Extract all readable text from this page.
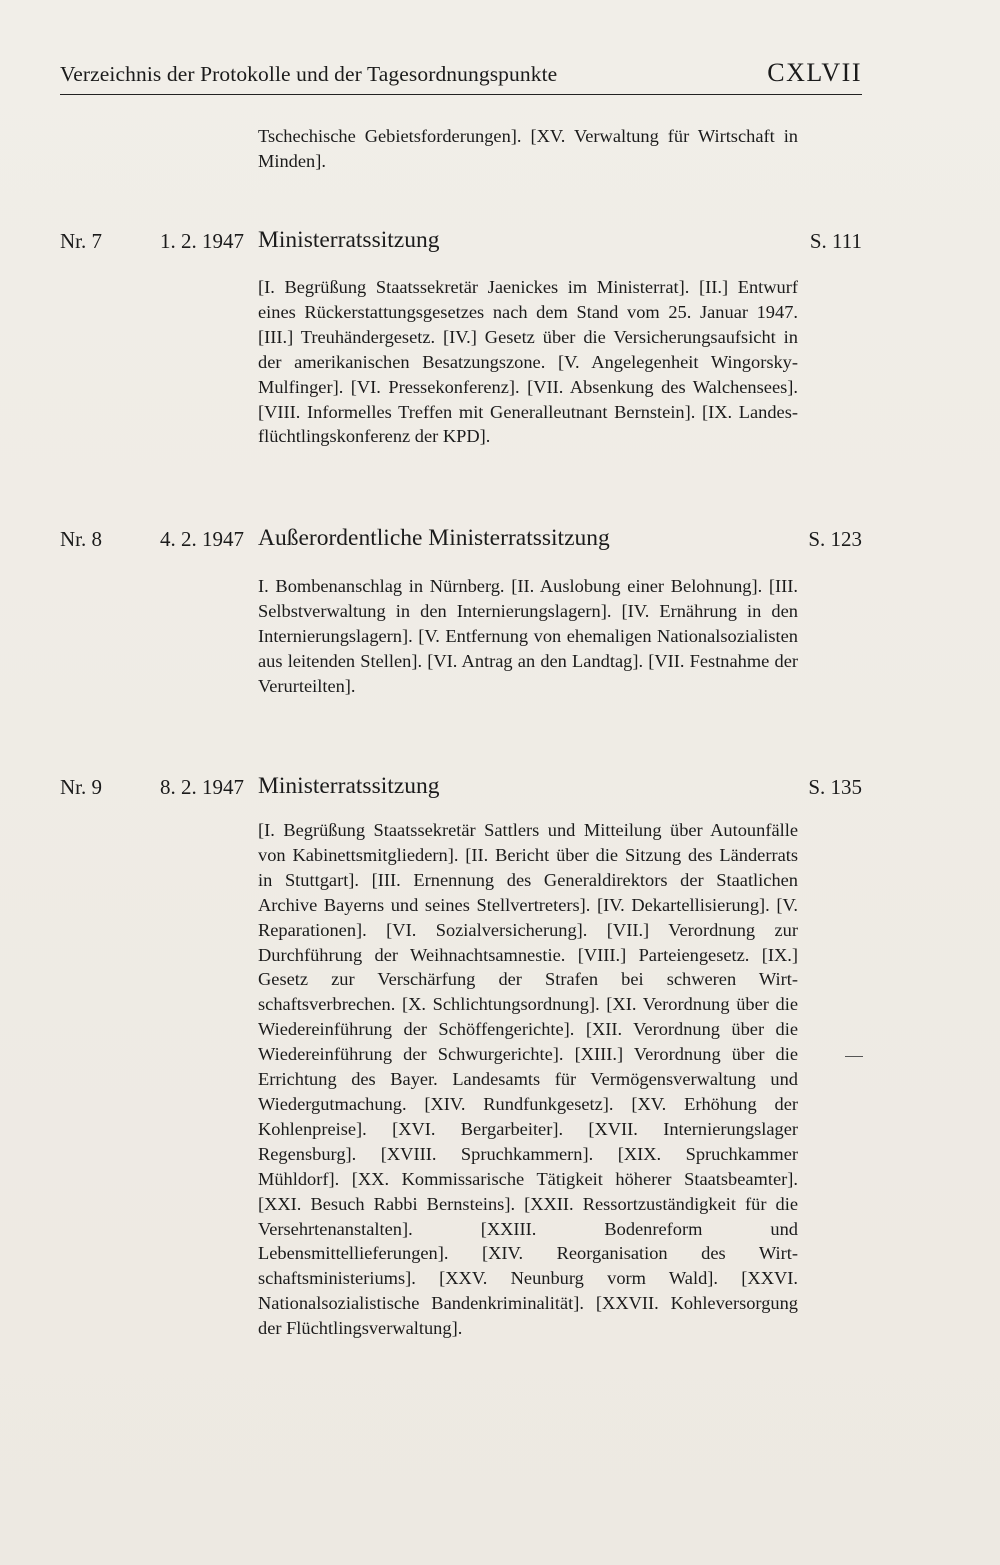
Verzeichnis der Protokolle und der Tagesordnungspunkte	CXLVII
Tschechische Gebietsforderungen]. [XV. Verwaltung für Wirtschaft in Minden].
Nr. 7	1. 2. 1947 Ministerratssitzung	S. 111
[I. Begrüßung Staatssekretär Jaenickes im Ministerrat]. [II.] Entwurf eines Rückerstattungsgesetzes nach dem Stand vom 25. Januar 1947. [III.] Treuhändergesetz. [IV.] Gesetz über die Versicherungsaufsicht in der amerikanischen Besatzungszone. [V. Angelegenheit Wingorsky-Mulfinger]. [VI. Pressekonferenz]. [VII. Absenkung des Walchensees]. [VIII. Informelles Treffen mit Generalleutnant Bernstein]. [IX. Landesflüchtlingskonferenz der KPD].
Nr. 8	4. 2. 1947 Außerordentliche Ministerratssitzung	S. 123
I. Bombenanschlag in Nürnberg. [II. Auslobung einer Belohnung]. [III. Selbstverwaltung in den Internierungslagern]. [IV. Ernährung in den Internierungslagern]. [V. Entfernung von ehemaligen Nationalsozialisten aus leitenden Stellen]. [VI. Antrag an den Landtag]. [VII. Festnahme der Verurteilten].
Nr. 9	8. 2. 1947 Ministerratssitzung	S. 135
[I. Begrüßung Staatssekretär Sattlers und Mitteilung über Autounfälle von Kabinettsmitgliedern]. [II. Bericht über die Sitzung des Länderrats in Stuttgart]. [III. Ernennung des Generaldirektors der Staatlichen Archive Bayerns und seines Stellvertreters]. [IV. Dekartellisierung]. [V. Reparationen]. [VI. Sozialversicherung]. [VII.] Verordnung zur Durchführung der Weihnachtsamnestie. [VIII.] Parteiengesetz. [IX.] Gesetz zur Verschärfung der Strafen bei schweren Wirtschaftsverbrechen. [X. Schlichtungsordnung]. [XI. Verordnung über die Wiedereinführung der Schöffengerichte]. [XII. Verordnung über die Wiedereinführung der Schwurgerichte]. [XIII.] Verordnung über die Errichtung des Bayer. Landesamts für Vermögensverwaltung und Wiedergutmachung. [XIV. Rundfunkgesetz]. [XV. Erhöhung der Kohlenpreise]. [XVI. Bergarbeiter]. [XVII. Internierungslager Regensburg]. [XVIII. Spruchkammern]. [XIX. Spruchkammer Mühldorf]. [XX. Kommissarische Tätigkeit höherer Staatsbeamter]. [XXI. Besuch Rabbi Bernsteins]. [XXII. Ressortzuständigkeit für die Versehrtenanstalten]. [XXIII. Bodenreform und Lebensmittellieferungen]. [XIV. Reorganisation des Wirtschaftsministeriums]. [XXV. Neunburg vorm Wald]. [XXVI. Nationalsozialistische Bandenkriminalität]. [XXVII. Kohleversorgung der Flüchtlingsverwaltung].
